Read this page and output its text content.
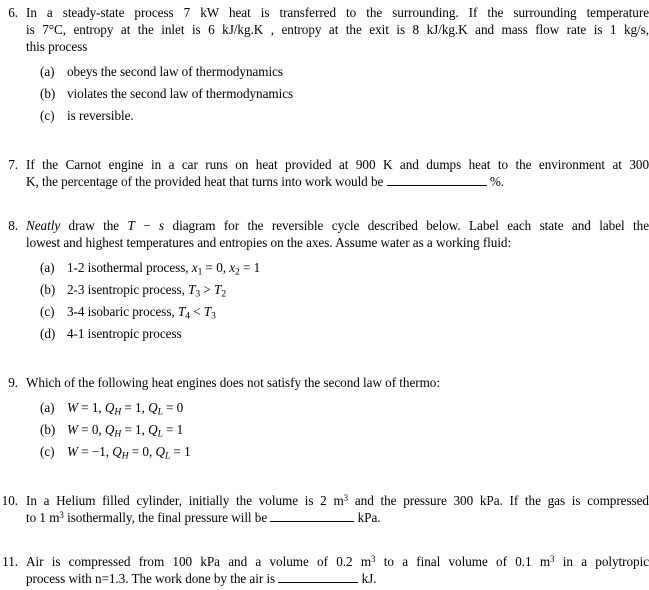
6. In a steady-state process 7 kW heat is transferred to the surrounding. If the surrounding temperature
is 7°C, entropy at the inlet is 6 kJ/kg.K , entropy at the exit is 8 kJ/kg.K and mass flow rate is 1 kg/s,
this process
(a) obeys the second law of thermodynamics
(b) violates the second law of thermodynamics
(c) is reversible.
7. If the Carnot engine in a car runs on heat provided at 900 K and dumps heat to the environment at 300
K, the percentage of the provided heat that turns into work would be	%.
8. Neatly draw the T − s diagram for the reversible cycle described below. Label each state and label the
lowest and highest temperatures and entropies on the axes. Assume water as a working fluid:
(a) 1-2 isothermal process, $x_1 = 0$, $x_2 = 1$
(b) 2-3 isentropic process, $T_3 > T_2$
(c) 3-4 isobaric process, $T_4 < T_3$
(d) 4-1 isentropic process
9. Which of the following heat engines does not satisfy the second law of thermo:
(a) W = 1, $Q_H = 1$, $Q_L = 0$
(b) W = 0, $Q_H = 1$, $Q_L = 1$
(c) W = −1, $Q_H = 0$, $Q_L = 1$
10. In a Helium filled cylinder, initially the volume is 2 $m^3$ and the pressure 300 kPa. If the gas is compressed
to 1 $m^3$ isothermally, the final pressure will be	kPa.
11. Air is compressed from 100 kPa and a volume of 0.2 $m^3$ to a final volume of 0.1 $m^3$ in a polytropic
process with n=1.3. The work done by the air is	kJ.
